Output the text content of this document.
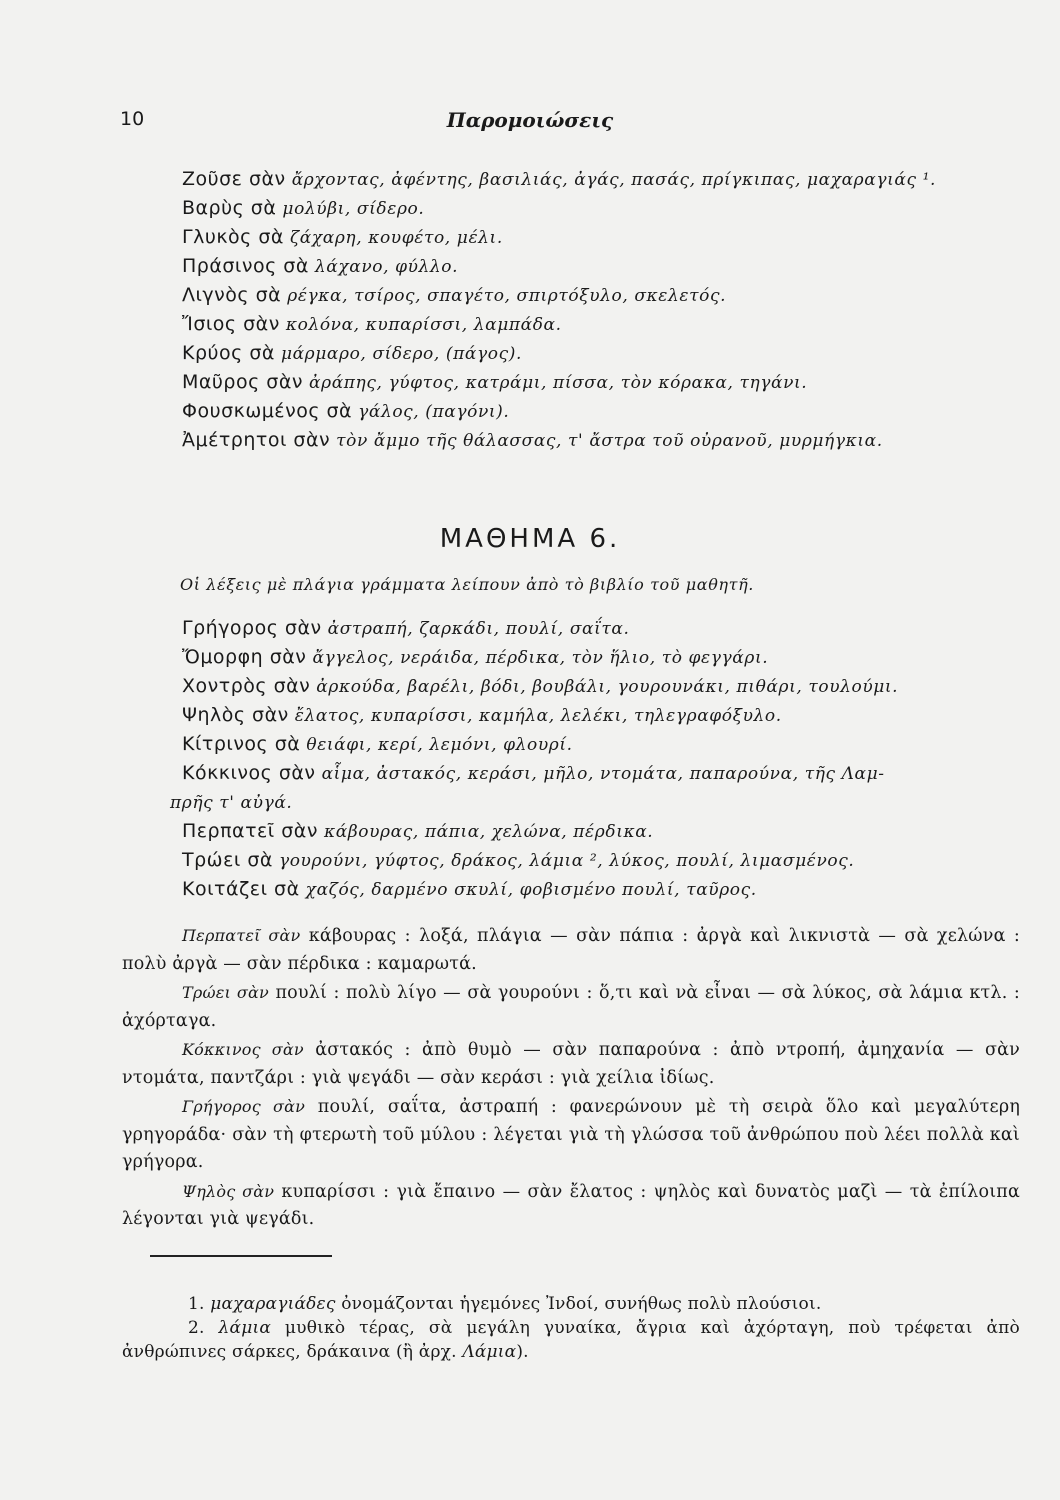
10	Παρομοιώσεις
Ζοῦσε σὰν ἄρχοντας, ἀφέντης, βασιλιάς, ἀγάς, πασάς, πρίγκιπας, μαχαραγιάς ¹.
Βαρὺς σὰ μολύβι, σίδερο.
Γλυκὸς σὰ ζάχαρη, κουφέτο, μέλι.
Πράσινος σὰ λάχανο, φύλλο.
Λιγνὸς σὰ ρέγκα, τσίρος, σπαγέτο, σπιρτόξυλο, σκελετός.
Ἴσιος σὰν κολόνα, κυπαρίσσι, λαμπάδα.
Κρύος σὰ μάρμαρο, σίδερο, (πάγος).
Μαῦρος σὰν ἀράπης, γύφτος, κατράμι, πίσσα, τὸν κόρακα, τηγάνι.
Φουσκωμένος σὰ γάλος, (παγόνι).
Ἀμέτρητοι σὰν τὸν ἄμμο τῆς θάλασσας, τ' ἄστρα τοῦ οὐρανοῦ, μυρμήγκια.
ΜΑΘΗΜΑ 6.
Οἱ λέξεις μὲ πλάγια γράμματα λείπουν ἀπὸ τὸ βιβλίο τοῦ μαθητῆ.
Γρήγορος σὰν ἀστραπή, ζαρκάδι, πουλί, σαΐτα.
Ὄμορφη σὰν ἄγγελος, νεράιδα, πέρδικα, τὸν ἥλιο, τὸ φεγγάρι.
Χοντρὸς σὰν ἀρκούδα, βαρέλι, βόδι, βουβάλι, γουρουνάκι, πιθάρι, τουλούμι.
Ψηλὸς σὰν ἔλατος, κυπαρίσσι, καμήλα, λελέκι, τηλεγραφόξυλο.
Κίτρινος σὰ θειάφι, κερί, λεμόνι, φλουρί.
Κόκκινος σὰν αἷμα, ἀστακός, κεράσι, μῆλο, ντομάτα, παπαρούνα, τῆς Λαμ-
πρῆς τ' αὐγά.
Περπατεῖ σὰν κάβουρας, πάπια, χελώνα, πέρδικα.
Τρώει σὰ γουρούνι, γύφτος, δράκος, λάμια ², λύκος, πουλί, λιμασμένος.
Κοιτάζει σὰ χαζός, δαρμένο σκυλί, φοβισμένο πουλί, ταῦρος.

Περπατεῖ σὰν κάβουρας : λοξά, πλάγια — σὰν πάπια : ἀργὰ καὶ λικνιστὰ — σὰ χελώνα : πολὺ ἀργὰ — σὰν πέρδικα : καμαρωτά.

Τρώει σὰν πουλί : πολὺ λίγο — σὰ γουρούνι : ὅ,τι καὶ νὰ εἶναι — σὰ λύκος, σὰ λάμια κτλ. : ἀχόρταγα.

Κόκκινος σὰν ἀστακός : ἀπὸ θυμὸ — σὰν παπαρούνα : ἀπὸ ντροπή, ἀμηχανία — σὰν ντομάτα, παντζάρι : γιὰ ψεγάδι — σὰν κεράσι : γιὰ χείλια ἰδίως.

Γρήγορος σὰν πουλί, σαΐτα, ἀστραπή : φανερώνουν μὲ τὴ σειρὰ ὅλο καὶ μεγαλύτερη γρηγοράδα· σὰν τὴ φτερωτὴ τοῦ μύλου : λέγεται γιὰ τὴ γλώσσα τοῦ ἀνθρώπου ποὺ λέει πολλὰ καὶ γρήγορα.

Ψηλὸς σὰν κυπαρίσσι : γιὰ ἔπαινο — σὰν ἔλατος : ψηλὸς καὶ δυνατὸς μαζὶ — τὰ ἐπίλοιπα λέγονται γιὰ ψεγάδι.

1. μαχαραγιάδες ὀνομάζονται ἡγεμόνες Ἰνδοί, συνήθως πολὺ πλούσιοι.

2. λάμια μυθικὸ τέρας, σὰ μεγάλη γυναίκα, ἄγρια καὶ ἀχόρταγη, ποὺ τρέφεται ἀπὸ ἀνθρώπινες σάρκες, δράκαινα (ἢ ἀρχ. Λάμια).
